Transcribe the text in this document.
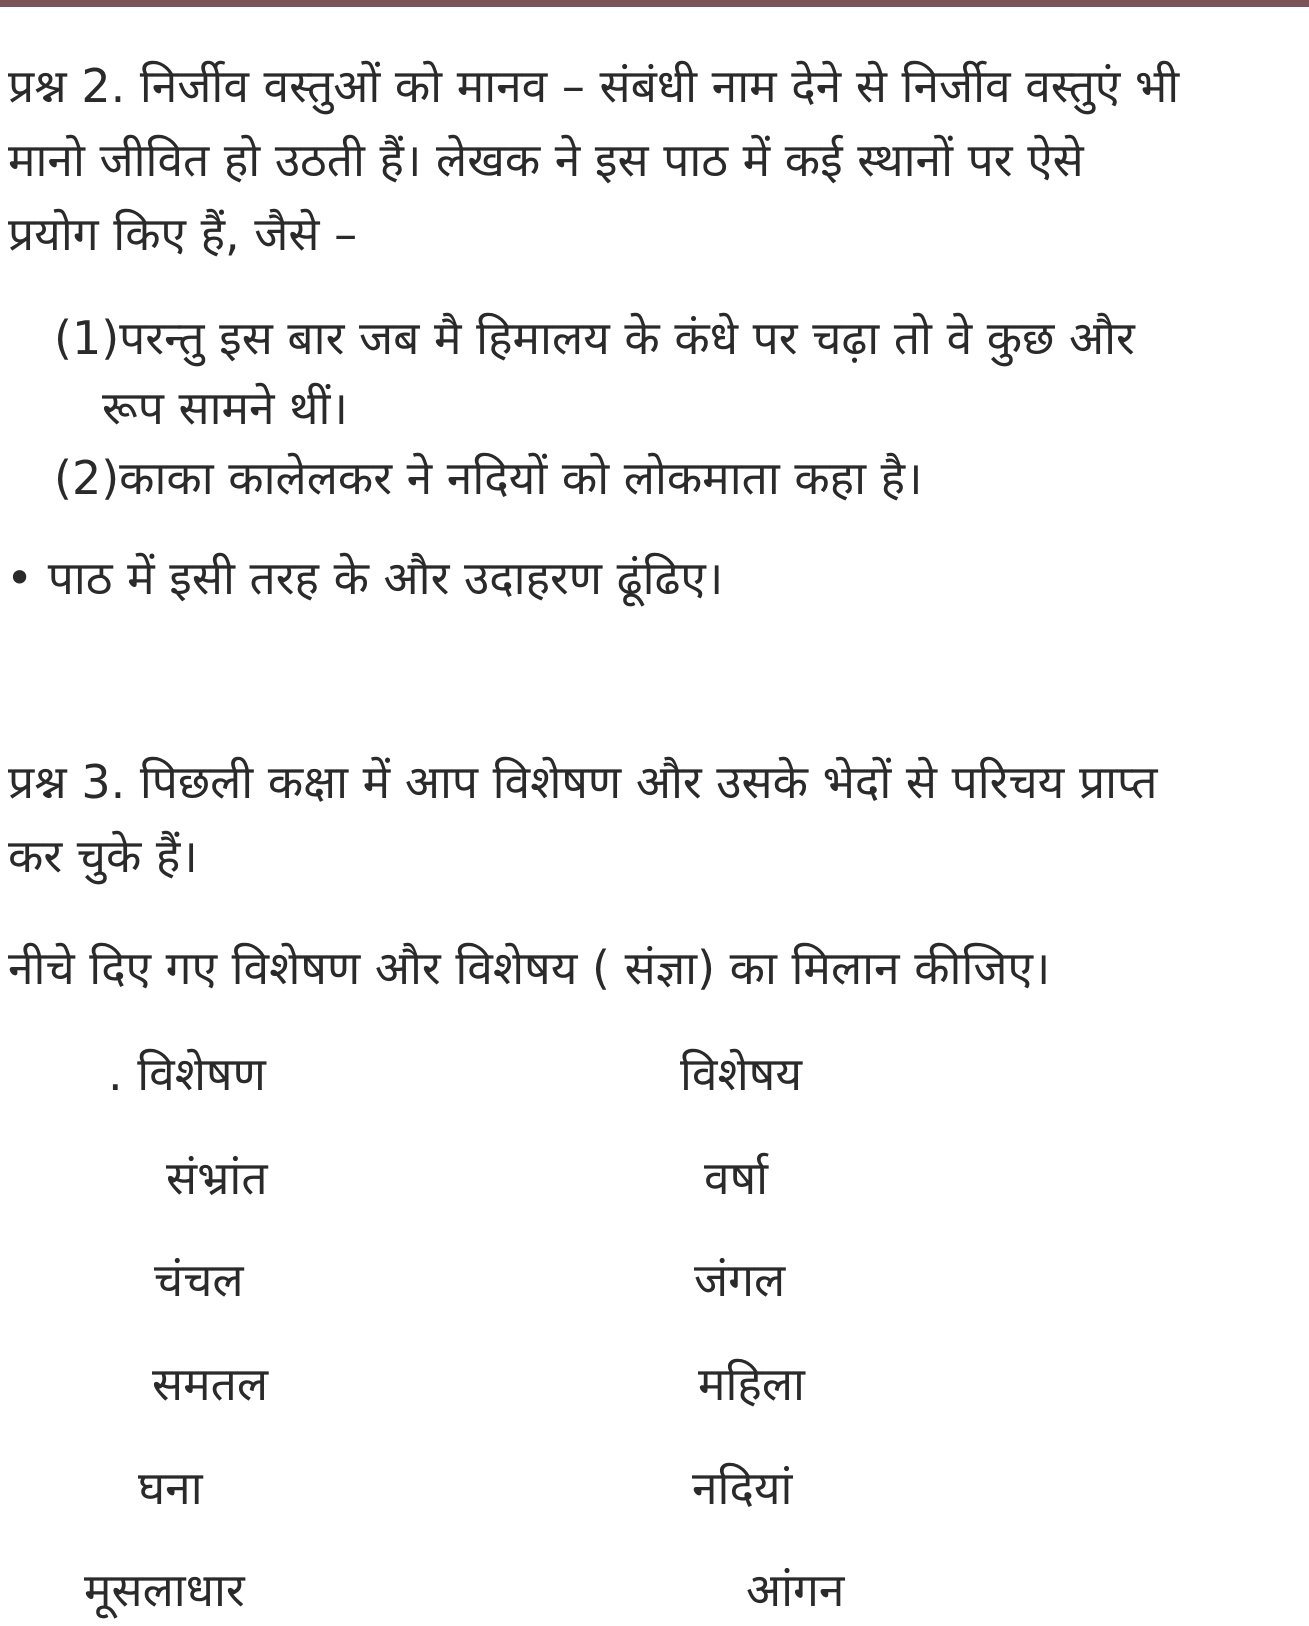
प्रश्न 2. निर्जीव वस्तुओं को मानव – संबंधी नाम देने से निर्जीव वस्तुएं भी
मानो जीवित हो उठती हैं। लेखक ने इस पाठ में कई स्थानों पर ऐसे
प्रयोग किए हैं, जैसे –
(1)परन्तु इस बार जब मै हिमालय के कंधे पर चढ़ा तो वे कुछ और
रूप सामने थीं।
(2)काका कालेलकर ने नदियों को लोकमाता कहा है।
• पाठ में इसी तरह के और उदाहरण ढूंढिए।
प्रश्न 3. पिछली कक्षा में आप विशेषण और उसके भेदों से परिचय प्राप्त
कर चुके हैं।
नीचे दिए गए विशेषण और विशेषय ( संज्ञा) का मिलान कीजिए।
. विशेषण	विशेषय
संभ्रांत
चंचल
समतल
घना
मूसलाधार
वर्षा
जंगल
महिला
नदियां
आंगन
